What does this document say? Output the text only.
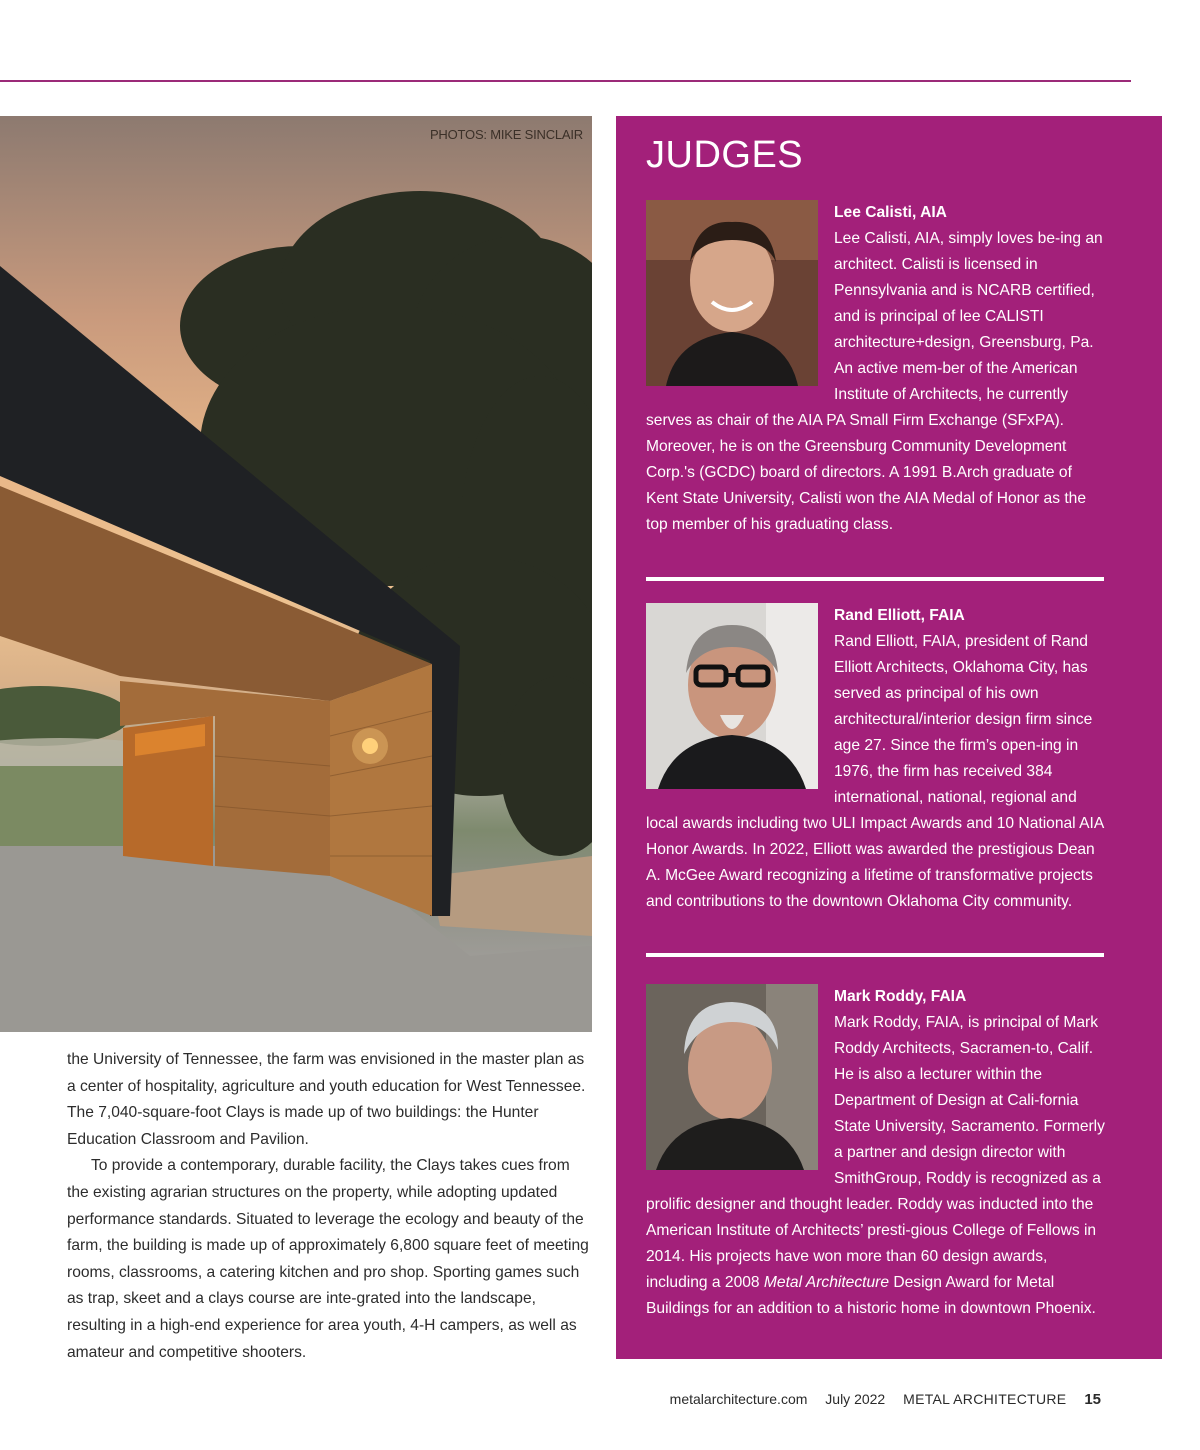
PHOTOS: MIKE SINCLAIR

the University of Tennessee, the farm was envisioned in the master plan as a center of hospitality, agriculture and youth education for West Tennessee. The 7,040-square-foot Clays is made up of two buildings: the Hunter Education Classroom and Pavilion.

To provide a contemporary, durable facility, the Clays takes cues from the existing agrarian structures on the property, while adopting updated performance standards. Situated to leverage the ecology and beauty of the farm, the building is made up of approximately 6,800 square feet of meeting rooms, classrooms, a catering kitchen and pro shop. Sporting games such as trap, skeet and a clays course are inte-grated into the landscape, resulting in a high-end experience for area youth, 4-H campers, as well as amateur and competitive shooters.

JUDGES
Lee Calisti, AIA

Lee Calisti, AIA, simply loves be-ing an architect. Calisti is licensed in Pennsylvania and is NCARB certified, and is principal of lee CALISTI architecture+design, Greensburg, Pa. An active mem-ber of the American Institute of Architects, he currently serves as chair of the AIA PA Small Firm Exchange (SFxPA). Moreover, he is on the Greensburg Community Development Corp.'s (GCDC) board of directors. A 1991 B.Arch graduate of Kent State University, Calisti won the AIA Medal of Honor as the top member of his graduating class.

Rand Elliott, FAIA

Rand Elliott, FAIA, president of Rand Elliott Architects, Oklahoma City, has served as principal of his own architectural/interior design firm since age 27. Since the firm’s open-ing in 1976, the firm has received 384 international, national, regional and local awards including two ULI Impact Awards and 10 National AIA Honor Awards. In 2022, Elliott was awarded the prestigious Dean A. McGee Award recognizing a lifetime of transformative projects and contributions to the downtown Oklahoma City community.

Mark Roddy, FAIA

Mark Roddy, FAIA, is principal of Mark Roddy Architects, Sacramen-to, Calif. He is also a lecturer within the Department of Design at Cali-fornia State University, Sacramento. Formerly a partner and design director with SmithGroup, Roddy is recognized as a prolific designer and thought leader. Roddy was inducted into the American Institute of Architects’ presti-gious College of Fellows in 2014. His projects have won more than 60 design awards, including a 2008 Metal Architecture Design Award for Metal Buildings for an addition to a historic home in downtown Phoenix.

metalarchitecture.com July 2022 METAL ARCHITECTURE 15
